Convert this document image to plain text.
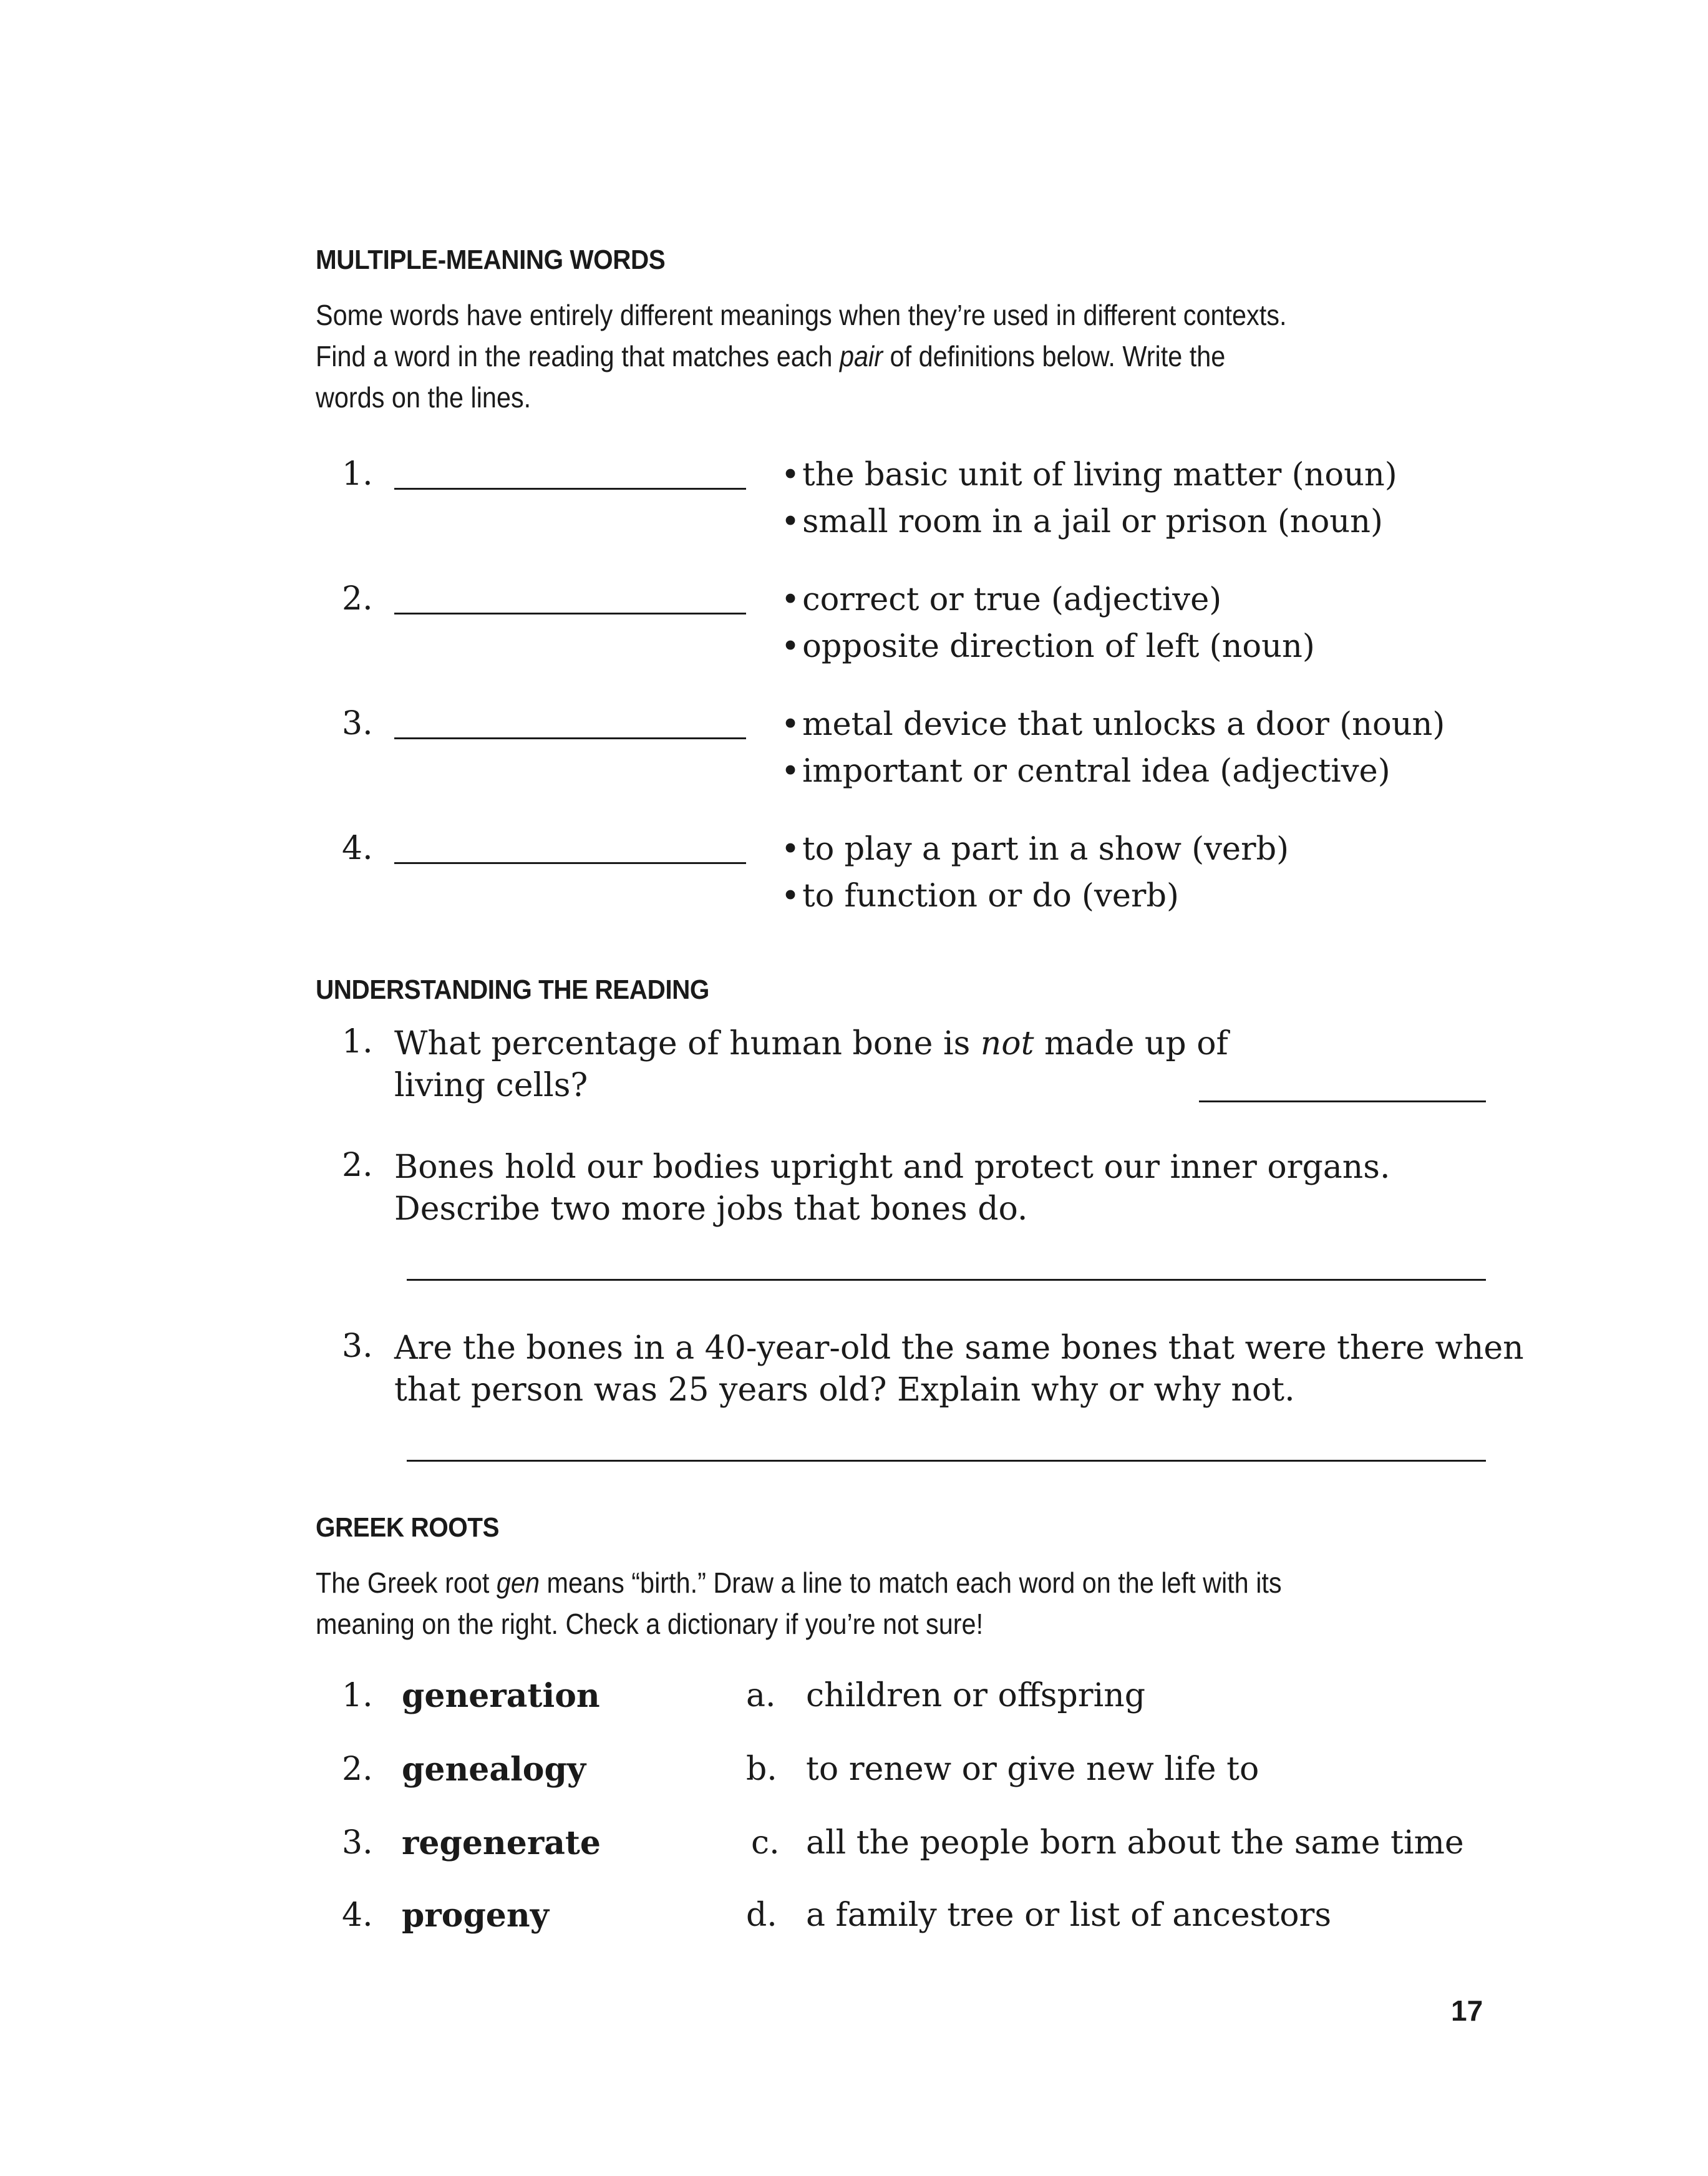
MULTIPLE-MEANING WORDS
Some words have entirely different meanings when they’re used in different contexts.
Find a word in the reading that matches each pair of definitions below. Write the
words on the lines.
1.	•the basic unit of living matter (noun)
•small room in a jail or prison (noun)
2.	•correct or true (adjective)
•opposite direction of left (noun)
3.	•metal device that unlocks a door (noun)
•important or central idea (adjective)
4.	•to play a part in a show (verb)
•to function or do (verb)
UNDERSTANDING THE READING
1. What percentage of human bone is not made up of
living cells?
2. Bones hold our bodies upright and protect our inner organs.
Describe two more jobs that bones do.
3. Are the bones in a 40-year-old the same bones that were there when
that person was 25 years old? Explain why or why not.
GREEK ROOTS
The Greek root gen means “birth.” Draw a line to match each word on the left with its
meaning on the right. Check a dictionary if you’re not sure!
1. generation	a. children or offspring
2. genealogy	b. to renew or give new life to
3. regenerate	c. all the people born about the same time
4. progeny	d. a family tree or list of ancestors
17
